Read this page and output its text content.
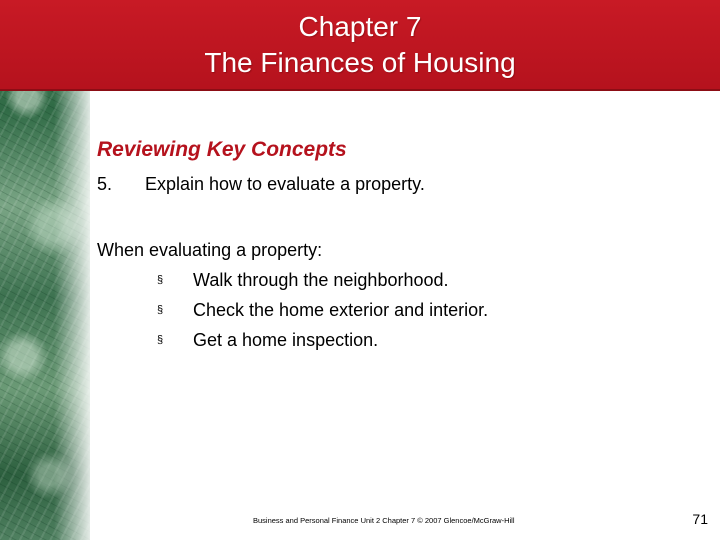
Chapter 7
The Finances of Housing
Reviewing Key Concepts
5.	Explain how to evaluate a property.
When evaluating a property:
§	Walk through the neighborhood.
§	Check the home exterior and interior.
§	Get a home inspection.
Business and Personal Finance Unit 2 Chapter 7 © 2007 Glencoe/McGraw-Hill	71
